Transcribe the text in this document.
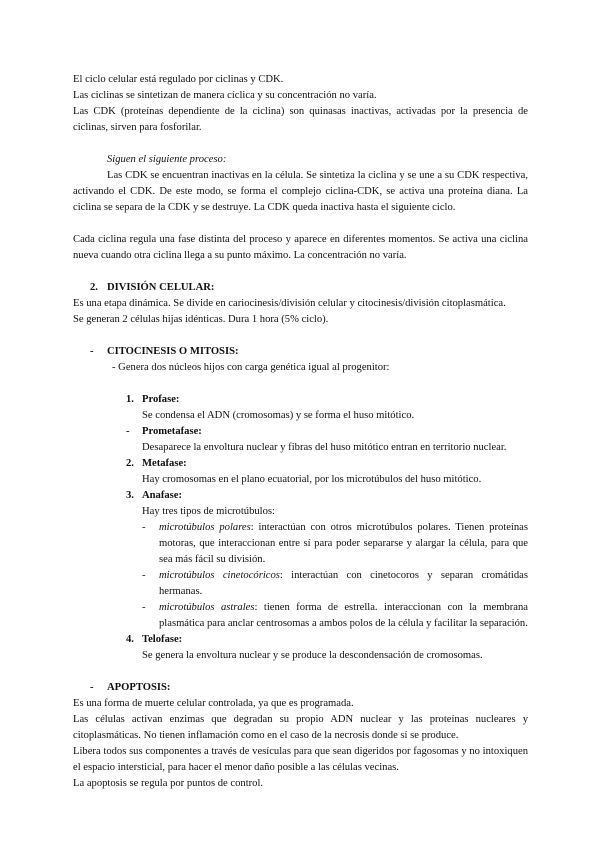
El ciclo celular está regulado por ciclinas y CDK.

Las ciclinas se sintetizan de manera cíclica y su concentración no varía.

Las CDK (proteínas dependiente de la ciclina) son quinasas inactivas, activadas por la presencia de ciclinas, sirven para fosforilar.

Siguen el siguiente proceso:

Las CDK se encuentran inactivas en la célula. Se sintetiza la ciclina y se une a su CDK respectiva, activando el CDK. De este modo, se forma el complejo ciclina-CDK, se activa una proteína diana. La ciclina se separa de la CDK y se destruye. La CDK queda inactiva hasta el siguiente ciclo.

Cada ciclina regula una fase distinta del proceso y aparece en diferentes momentos. Se activa una ciclina nueva cuando otra ciclina llega a su punto máximo. La concentración no varía.

2. DIVISIÓN CELULAR:

Es una etapa dinámica. Se divide en cariocinesis/división celular y citocinesis/división citoplasmática.

Se generan 2 células hijas idénticas. Dura 1 hora (5% ciclo).

- CITOCINESIS O MITOSIS:

- Genera dos núcleos hijos con carga genética igual al progenitor:

1. Profase:

Se condensa el ADN (cromosomas) y se forma el huso mitótico.

- Prometafase:

Desaparece la envoltura nuclear y fibras del huso mitótico entran en territorio nuclear.

2. Metafase:

Hay cromosomas en el plano ecuatorial, por los microtúbulos del huso mitótico.

3. Anafase:

Hay tres tipos de microtúbulos:

- microtúbulos polares: interactúan con otros microtúbulos polares. Tienen proteínas motoras, que interaccionan entre sí para poder separarse y alargar la célula, para que sea más fácil su división.

- microtúbulos cinetocóricos: interactúan con cinetocoros y separan cromátidas hermanas.

- microtúbulos astrales: tienen forma de estrella. interaccionan con la membrana plasmática para anclar centrosomas a ambos polos de la célula y facilitar la separación.

4. Telofase:

Se genera la envoltura nuclear y se produce la descondensación de cromosomas.

- APOPTOSIS:

Es una forma de muerte celular controlada, ya que es programada.

Las células activan enzimas que degradan su propio ADN nuclear y las proteínas nucleares y citoplasmáticas. No tienen inflamación como en el caso de la necrosis donde sí se produce.

Libera todos sus componentes a través de vesículas para que sean digeridos por fagosomas y no intoxiquen el espacio intersticial, para hacer el menor daño posible a las células vecinas.

La apoptosis se regula por puntos de control.
